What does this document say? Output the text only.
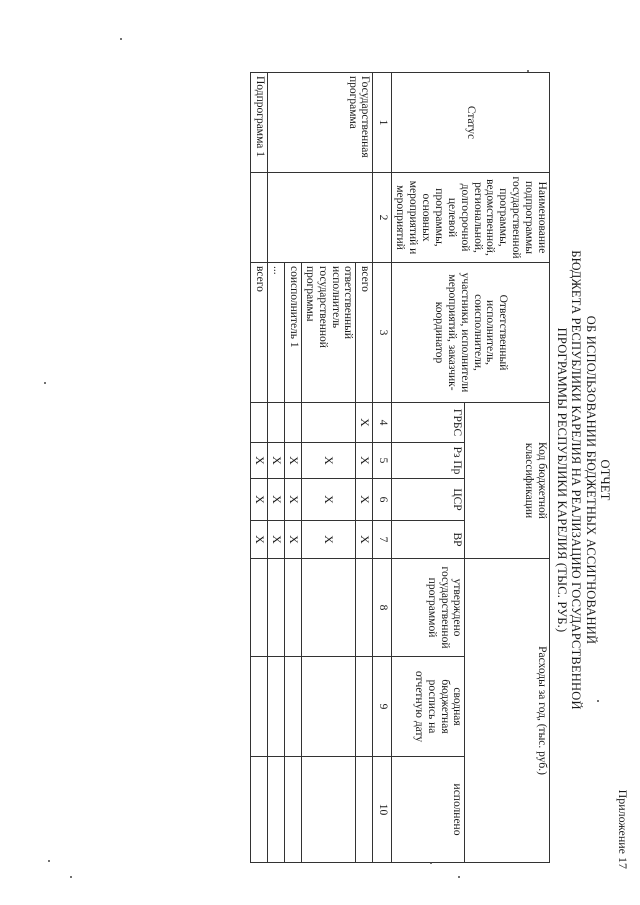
Приложение 17
ОТЧЕТ
ОБ ИСПОЛЬЗОВАНИИ БЮДЖЕТНЫХ АССИГНОВАНИЙ
БЮДЖЕТА РЕСПУБЛИКИ КАРЕЛИЯ НА РЕАЛИЗАЦИЮ ГОСУДАРСТВЕННОЙ
ПРОГРАММЫ РЕСПУБЛИКИ КАРЕЛИЯ (ТЫС. РУБ.)
Статус	Наименование подпрограммы государственной программы, ведомственной, региональной, долгосрочной целевой программы, основных мероприятий и мероприятий	Ответственный исполнитель, соисполнители, участники, исполнители мероприятий, заказчик-координатор	Код бюджетной классификации				Расходы за год, (тыс. руб.)		
			ГРБС	Рз Пр	ЦСР	ВР	утверждено государственной программой	сводная бюджетная роспись на отчетную дату	исполнено
1	2	3	4	5	6	7	8	9	10
Государственная программа		всего	Х	Х	Х	Х			
		ответственный исполнитель государственной программы		Х	Х	Х			
		соисполнитель 1		Х	Х	Х			
		...		Х	Х	Х			
Подпрограмма 1		всего		Х	Х	Х			
